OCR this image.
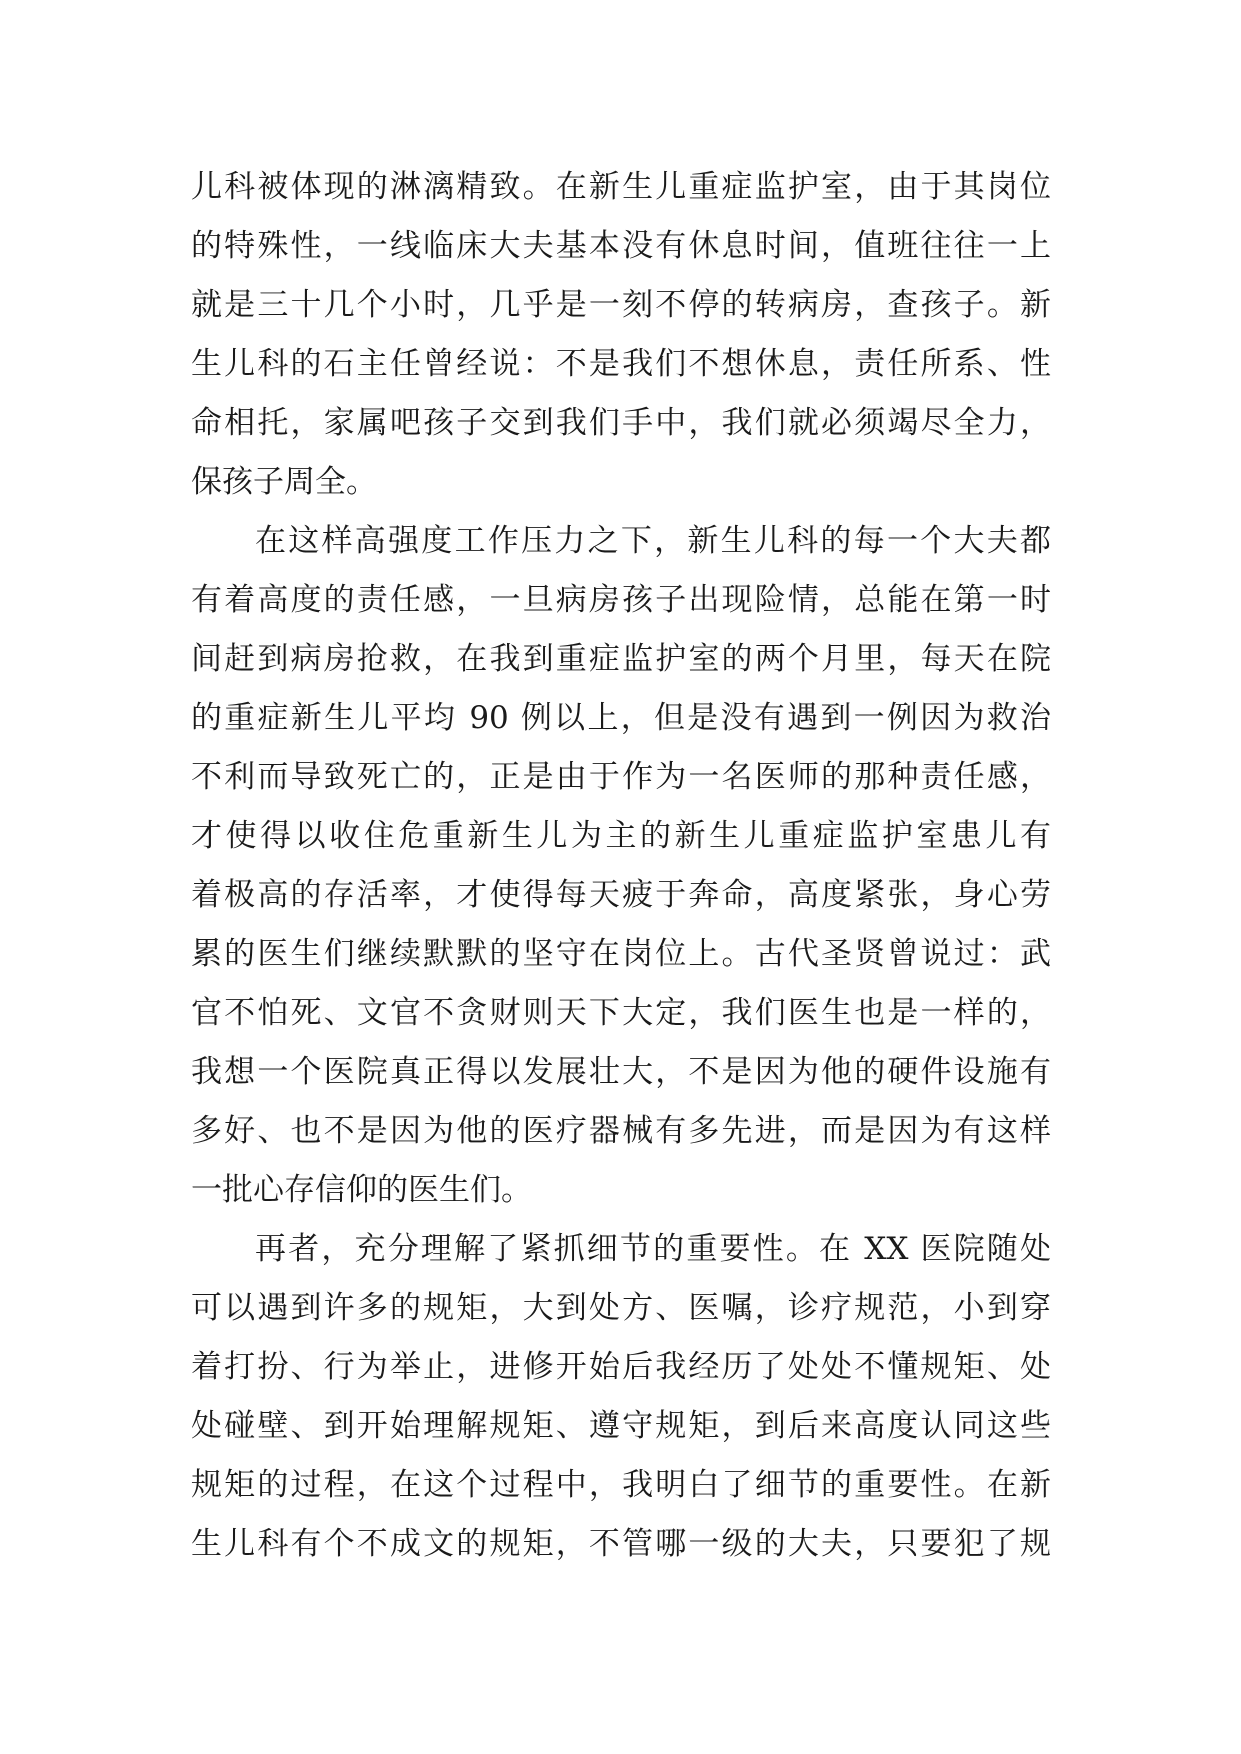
儿科被体现的淋漓精致。在新生儿重症监护室，由于其岗位
的特殊性，一线临床大夫基本没有休息时间，值班往往一上
就是三十几个小时，几乎是一刻不停的转病房，查孩子。新
生儿科的石主任曾经说：不是我们不想休息，责任所系、性
命相托，家属吧孩子交到我们手中，我们就必须竭尽全力，
保孩子周全。
在这样高强度工作压力之下，新生儿科的每一个大夫都
有着高度的责任感，一旦病房孩子出现险情，总能在第一时
间赶到病房抢救，在我到重症监护室的两个月里，每天在院
的重症新生儿平均 90 例以上，但是没有遇到一例因为救治
不利而导致死亡的，正是由于作为一名医师的那种责任感，
才使得以收住危重新生儿为主的新生儿重症监护室患儿有
着极高的存活率，才使得每天疲于奔命，高度紧张，身心劳
累的医生们继续默默的坚守在岗位上。古代圣贤曾说过：武
官不怕死、文官不贪财则天下大定，我们医生也是一样的，
我想一个医院真正得以发展壮大，不是因为他的硬件设施有
多好、也不是因为他的医疗器械有多先进，而是因为有这样
一批心存信仰的医生们。
再者，充分理解了紧抓细节的重要性。在 XX 医院随处
可以遇到许多的规矩，大到处方、医嘱，诊疗规范，小到穿
着打扮、行为举止，进修开始后我经历了处处不懂规矩、处
处碰壁、到开始理解规矩、遵守规矩，到后来高度认同这些
规矩的过程，在这个过程中，我明白了细节的重要性。在新
生儿科有个不成文的规矩，不管哪一级的大夫，只要犯了规
